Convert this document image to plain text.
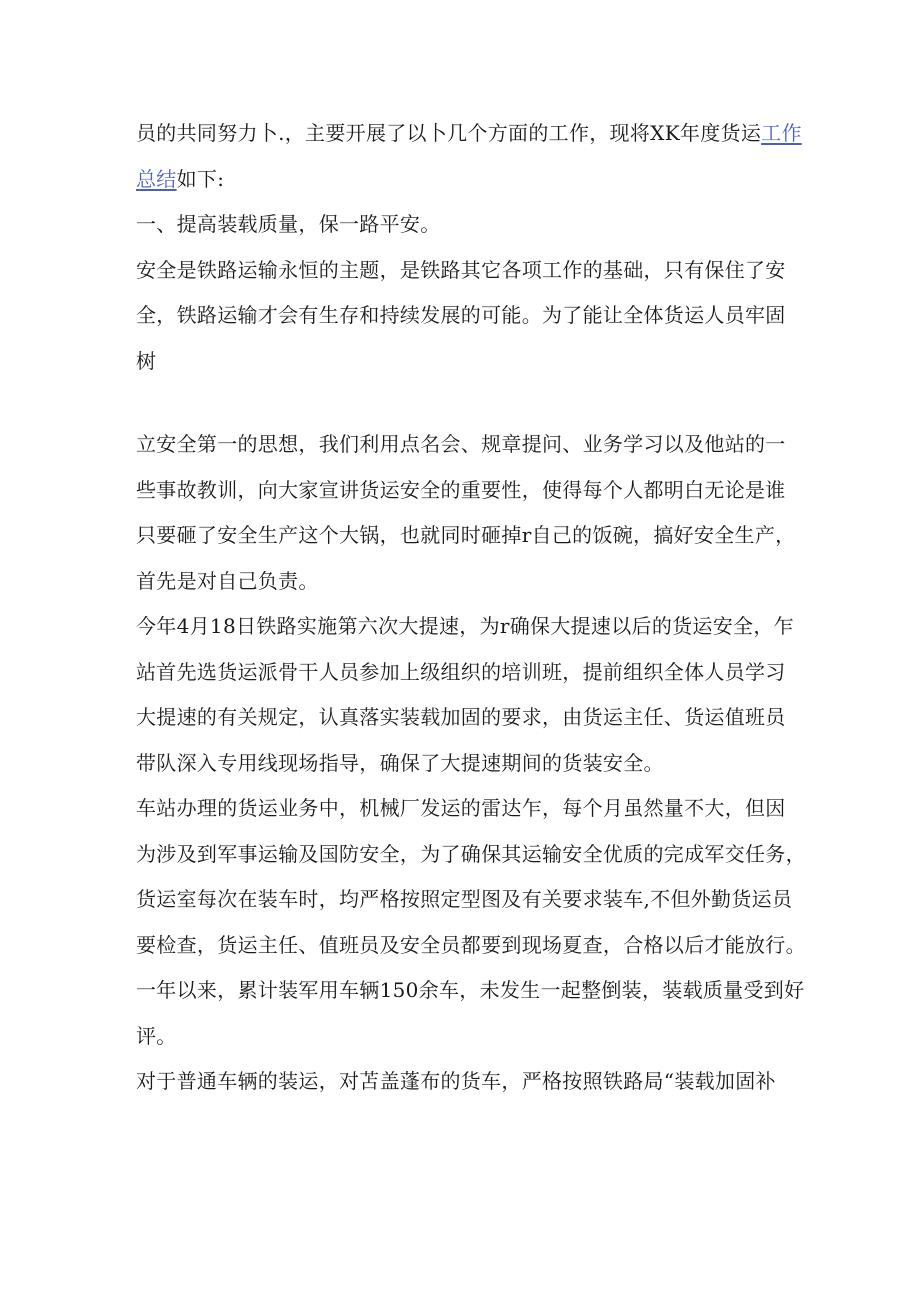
员的共同努力卜.，主要开展了以卜几个方面的工作，现将XK年度货运工作
总结如下:
一、提高装载质量，保一路平安。
安全是铁路运输永恒的主题，是铁路其它各项工作的基础，只有保住了安
全，铁路运输才会有生存和持续发展的可能。为了能让全体货运人员牢固
树
立安全第一的思想，我们利用点名会、规章提问、业务学习以及他站的一
些事故教训，向大家宣讲货运安全的重要性，使得每个人都明白无论是谁
只要砸了安全生产这个大锅，也就同时砸掉r自己的饭碗，搞好安全生产，
首先是对自己负责。
今年4月18日铁路实施第六次大提速，为r确保大提速以后的货运安全，乍
站首先选货运派骨干人员参加上级组织的培训班，提前组织全体人员学习
大提速的有关规定，认真落实装载加固的要求，由货运主任、货运值班员
带队深入专用线现场指导，确保了大提速期间的货装安全。
车站办理的货运业务中，机械厂发运的雷达乍，每个月虽然量不大，但因
为涉及到军事运输及国防安全，为了确保其运输安全优质的完成军交任务，
货运室每次在装车时，均严格按照定型图及有关要求装车,不但外勤货运员
要检查，货运主任、值班员及安全员都要到现场夏查，合格以后才能放行。
一年以来，累计装军用车辆150余车，未发生一起整倒装，装载质量受到好
评。
对于普通车辆的装运，对苫盖蓬布的货车，严格按照铁路局“装载加固补
